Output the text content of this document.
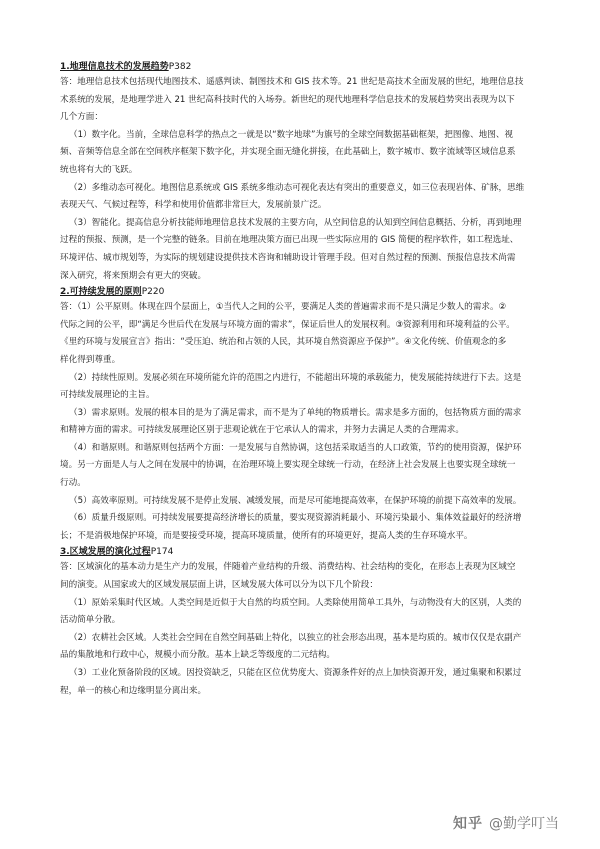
1.地理信息技术的发展趋势P382

答：地理信息技术包括现代地图技术、遥感判读、制图技术和 GIS 技术等。21 世纪是高技术全面发展的世纪，地理信息技

术系统的发展，是地理学进入 21 世纪高科技时代的入场券。新世纪的现代地理科学信息技术的发展趋势突出表现为以下

几个方面：

（1）数字化。当前，全球信息科学的热点之一就是以“数字地球”为旗号的全球空间数据基础框架，把图像、地图、视

频、音频等信息全部在空间秩序框架下数字化，并实现全面无缝化拼接，在此基础上，数字城市、数字流域等区域信息系

统也将有大的飞跃。

（2）多维动态可视化。地图信息系统或 GIS 系统多维动态可视化表达有突出的重要意义，如三位表现岩体、矿脉，思维

表现天气、气候过程等，科学和使用价值都非常巨大，发展前景广泛。

（3）智能化。提高信息分析技能师地理信息技术发展的主要方向，从空间信息的认知到空间信息概括、分析，再到地理

过程的预报、预测，是一个完整的链条。目前在地理决策方面已出现一些实际应用的 GIS 简便的程序软件，如工程选址、

环境评估、城市规划等，为实际的规划建设提供技术咨询和辅助设计管理手段。但对自然过程的预测、预报信息技术尚需

深入研究，将来预期会有更大的突破。

2.可持续发展的原则P220

答：（1）公平原则。体现在四个层面上，①当代人之间的公平，要满足人类的普遍需求而不是只满足少数人的需求。②

代际之间的公平，即“满足今世后代在发展与环境方面的需求”，保证后世人的发展权利。③资源利用和环境利益的公平。

《里约环境与发展宣言》指出：“受压迫、统治和占领的人民，其环境自然资源应予保护”。④文化传统、价值观念的多

样化得到尊重。

（2）持续性原则。发展必须在环境所能允许的范围之内进行，不能超出环境的承载能力，使发展能持续进行下去。这是

可持续发展理论的主旨。

（3）需求原则。发展的根本目的是为了满足需求，而不是为了单纯的物质增长。需求是多方面的，包括物质方面的需求

和精神方面的需求。可持续发展理论区别于悲观论就在于它承认人的需求，并努力去满足人类的合理需求。

（4）和谐原则。和谐原则包括两个方面：一是发展与自然协调，这包括采取适当的人口政策，节约的使用资源，保护环

境。另一方面是人与人之间在发展中的协调，在治理环境上要实现全球统一行动，在经济上社会发展上也要实现全球统一

行动。

（5）高效率原则。可持续发展不是停止发展、减缓发展，而是尽可能地提高效率，在保护环境的前提下高效率的发展。

（6）质量升级原则。可持续发展要提高经济增长的质量，要实现资源消耗最小、环境污染最小、集体效益最好的经济增

长；不是消极地保护环境，而是要接受环境，提高环境质量，使所有的环境更好，提高人类的生存环境水平。

3.区域发展的演化过程P174

答：区域演化的基本动力是生产力的发展，伴随着产业结构的升级、消费结构、社会结构的变化，在形态上表现为区域空

间的演变。从国家或大的区域发展层面上讲，区域发展大体可以分为以下几个阶段：

（1）原始采集时代区域。人类空间是近似于大自然的均质空间。人类除使用简单工具外，与动物没有大的区别，人类的

活动简单分散。

（2）农耕社会区域。人类社会空间在自然空间基础上特化，以独立的社会形态出现，基本是均质的。城市仅仅是农副产

品的集散地和行政中心，规模小而分散。基本上缺乏等级度的二元结构。

（3）工业化预备阶段的区域。因投资缺乏，只能在区位优势度大、资源条件好的点上加快资源开发，通过集聚和积累过

程，单一的核心和边缘明显分离出来。

知乎 @勤学叮当
